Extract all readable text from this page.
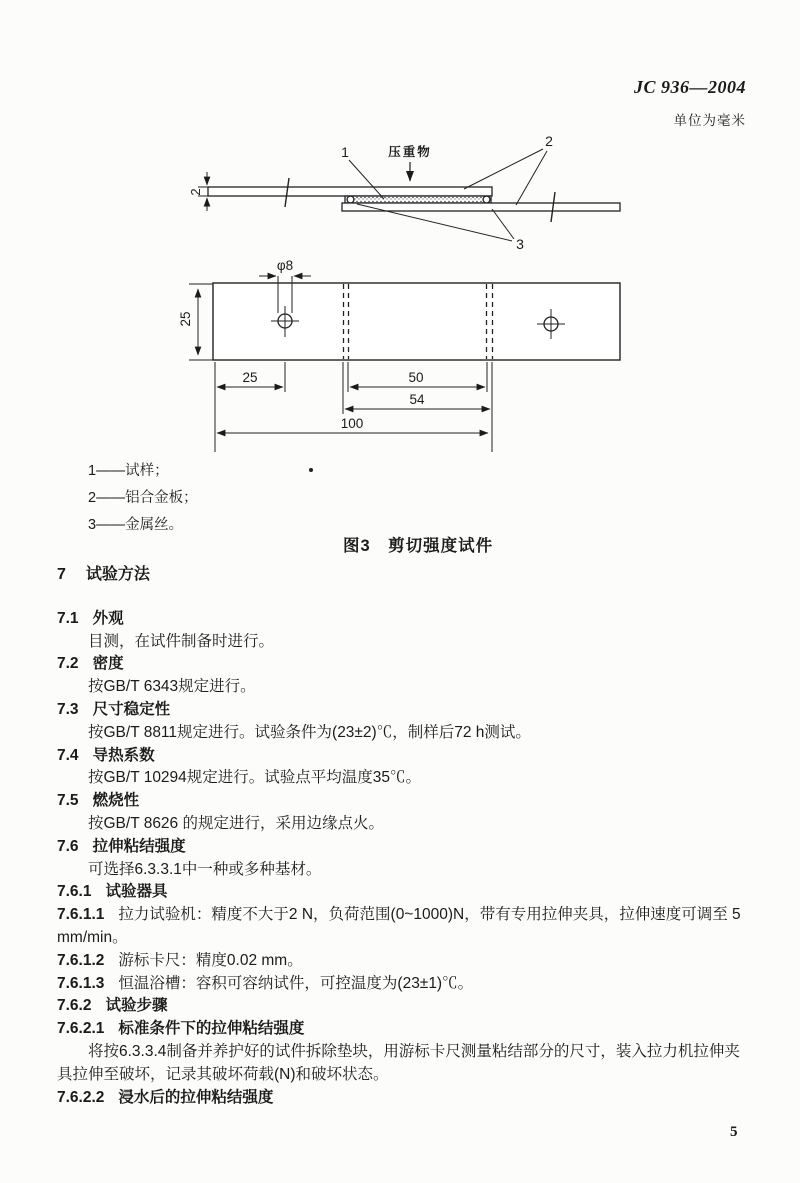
JC 936—2004
单位为毫米
压重物
1
2
3
2
φ8
25
25	50
54
100
1——试样；
2——铝合金板；
3——金属丝。
图3　剪切强度试件
7 试验方法
7.1 外观
目测，在试件制备时进行。
7.2 密度
按GB/T 6343规定进行。
7.3 尺寸稳定性
按GB/T 8811规定进行。试验条件为(23±2)℃，制样后72 h测试。
7.4 导热系数
按GB/T 10294规定进行。试验点平均温度35℃。
7.5 燃烧性
按GB/T 8626 的规定进行，采用边缘点火。
7.6 拉伸粘结强度
可选择6.3.3.1中一种或多种基材。
7.6.1 试验器具
7.6.1.1 拉力试验机：精度不大于2 N，负荷范围(0~1000)N，带有专用拉伸夹具，拉伸速度可调至 5 mm/min。
7.6.1.2 游标卡尺：精度0.02 mm。
7.6.1.3 恒温浴槽：容积可容纳试件，可控温度为(23±1)℃。
7.6.2 试验步骤
7.6.2.1 标准条件下的拉伸粘结强度
将按6.3.3.4制备并养护好的试件拆除垫块，用游标卡尺测量粘结部分的尺寸，装入拉力机拉伸夹具拉伸至破坏，记录其破坏荷载(N)和破坏状态。
7.6.2.2 浸水后的拉伸粘结强度
5
